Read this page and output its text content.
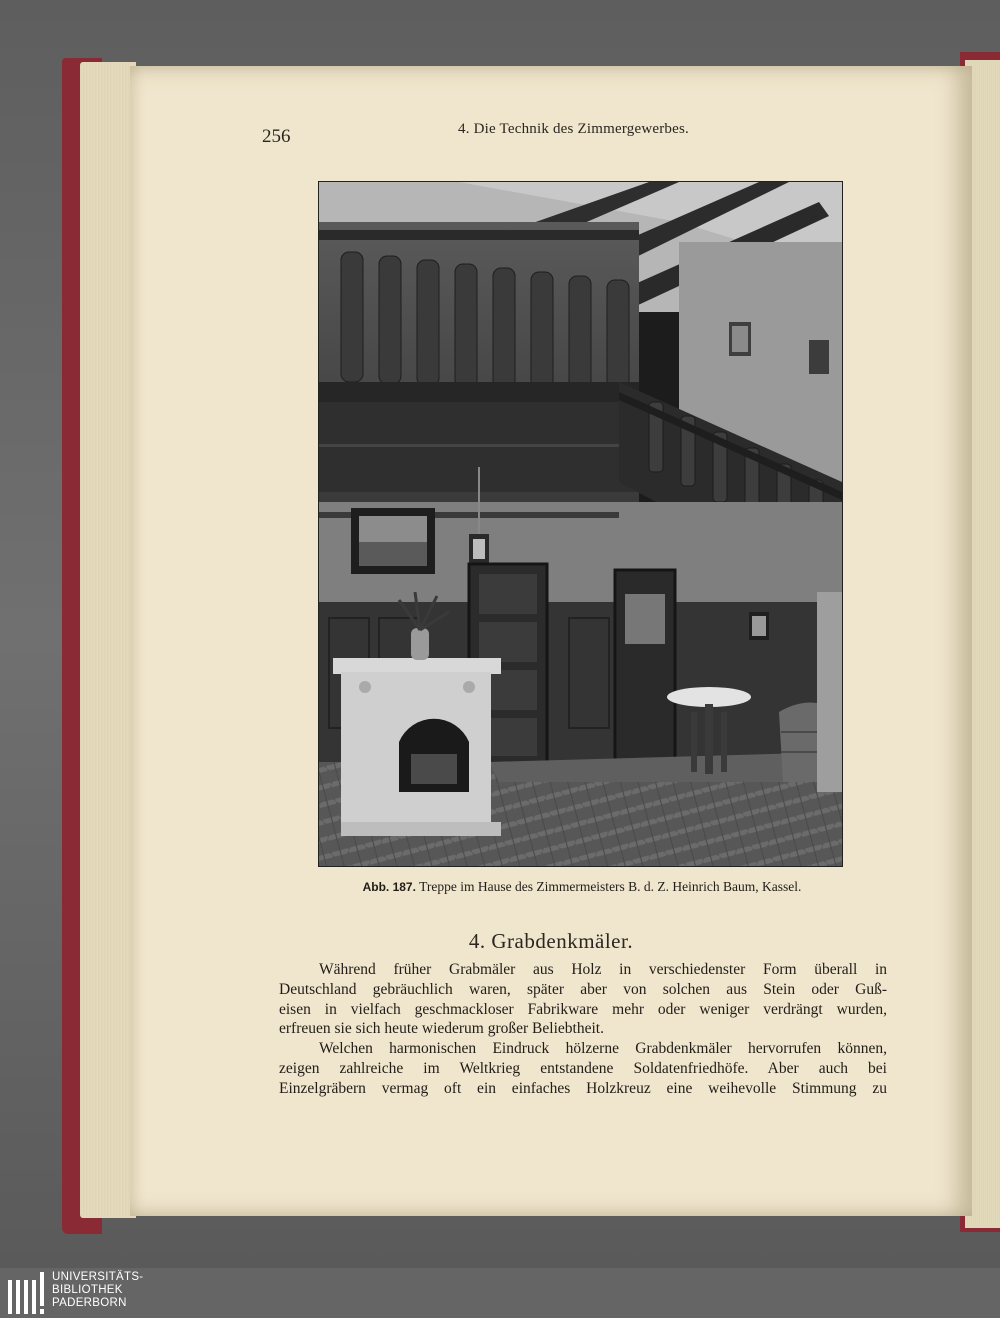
256	4. Die Technik des Zimmergewerbes.
Abb. 187. Treppe im Hause des Zimmermeisters B. d. Z. Heinrich Baum, Kassel.
4. Grabdenkmäler.
Während früher Grabmäler aus Holz in verschiedenster Form überall in
Deutschland gebräuchlich waren, später aber von solchen aus Stein oder Guß-
eisen in vielfach geschmackloser Fabrikware mehr oder weniger verdrängt wurden,
erfreuen sie sich heute wiederum großer Beliebtheit.
Welchen harmonischen Eindruck hölzerne Grabdenkmäler hervorrufen können,
zeigen zahlreiche im Weltkrieg entstandene Soldatenfriedhöfe. Aber auch bei
Einzelgräbern vermag oft ein einfaches Holzkreuz eine weihevolle Stimmung zu
UNIVERSITÄTS-
BIBLIOTHEK
PADERBORN
